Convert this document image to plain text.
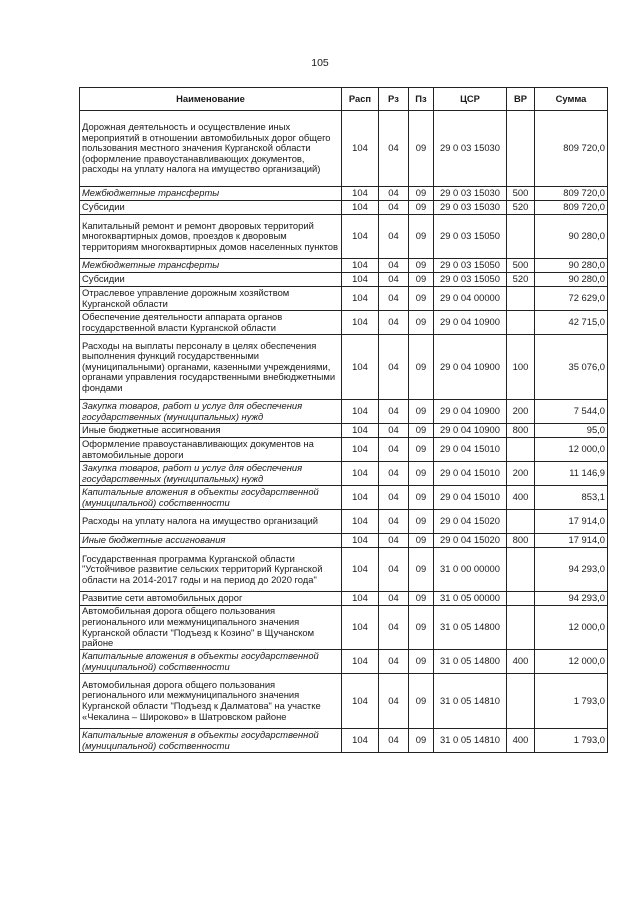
105
Наименование	Расп	Рз	Пз	ЦСР	ВР	Сумма
Дорожная деятельность и осуществление иных мероприятий в отношении автомобильных дорог общего пользования местного значения Курганской области (оформление правоустанавливающих документов, расходы на уплату налога на имущество организаций)	104	04	09	29 0 03 15030		809 720,0
Межбюджетные трансферты	104	04	09	29 0 03 15030	500	809 720,0
Субсидии	104	04	09	29 0 03 15030	520	809 720,0
Капитальный ремонт и ремонт дворовых территорий многоквартирных домов, проездов к дворовым территориям многоквартирных домов населенных пунктов	104	04	09	29 0 03 15050		90 280,0
Межбюджетные трансферты	104	04	09	29 0 03 15050	500	90 280,0
Субсидии	104	04	09	29 0 03 15050	520	90 280,0
Отраслевое управление дорожным хозяйством Курганской области	104	04	09	29 0 04 00000		72 629,0
Обеспечение деятельности аппарата органов государственной власти Курганской области	104	04	09	29 0 04 10900		42 715,0
Расходы на выплаты персоналу в целях обеспечения выполнения функций государственными (муниципальными) органами, казенными учреждениями, органами управления государственными внебюджетными фондами	104	04	09	29 0 04 10900	100	35 076,0
Закупка товаров, работ и услуг для обеспечения государственных (муниципальных) нужд	104	04	09	29 0 04 10900	200	7 544,0
Иные бюджетные ассигнования	104	04	09	29 0 04 10900	800	95,0
Оформление правоустанавливающих документов на автомобильные дороги	104	04	09	29 0 04 15010		12 000,0
Закупка товаров, работ и услуг для обеспечения государственных (муниципальных) нужд	104	04	09	29 0 04 15010	200	11 146,9
Капитальные вложения в объекты государственной (муниципальной) собственности	104	04	09	29 0 04 15010	400	853,1
Расходы на уплату налога на имущество организаций	104	04	09	29 0 04 15020		17 914,0
Иные бюджетные ассигнования	104	04	09	29 0 04 15020	800	17 914,0
Государственная программа Курганской области "Устойчивое развитие сельских территорий Курганской области на 2014-2017 годы и на период до 2020 года"	104	04	09	31 0 00 00000		94 293,0
Развитие сети автомобильных дорог	104	04	09	31 0 05 00000		94 293,0
Автомобильная дорога общего пользования регионального или межмуниципального значения Курганской области "Подъезд к Козино" в Щучанском районе	104	04	09	31 0 05 14800		12 000,0
Капитальные вложения в объекты государственной (муниципальной) собственности	104	04	09	31 0 05 14800	400	12 000,0
Автомобильная дорога общего пользования регионального или межмуниципального значения Курганской области "Подъезд к Далматова" на участке «Чекалина – Широково» в Шатровском районе	104	04	09	31 0 05 14810		1 793,0
Капитальные вложения в объекты государственной (муниципальной) собственности	104	04	09	31 0 05 14810	400	1 793,0
